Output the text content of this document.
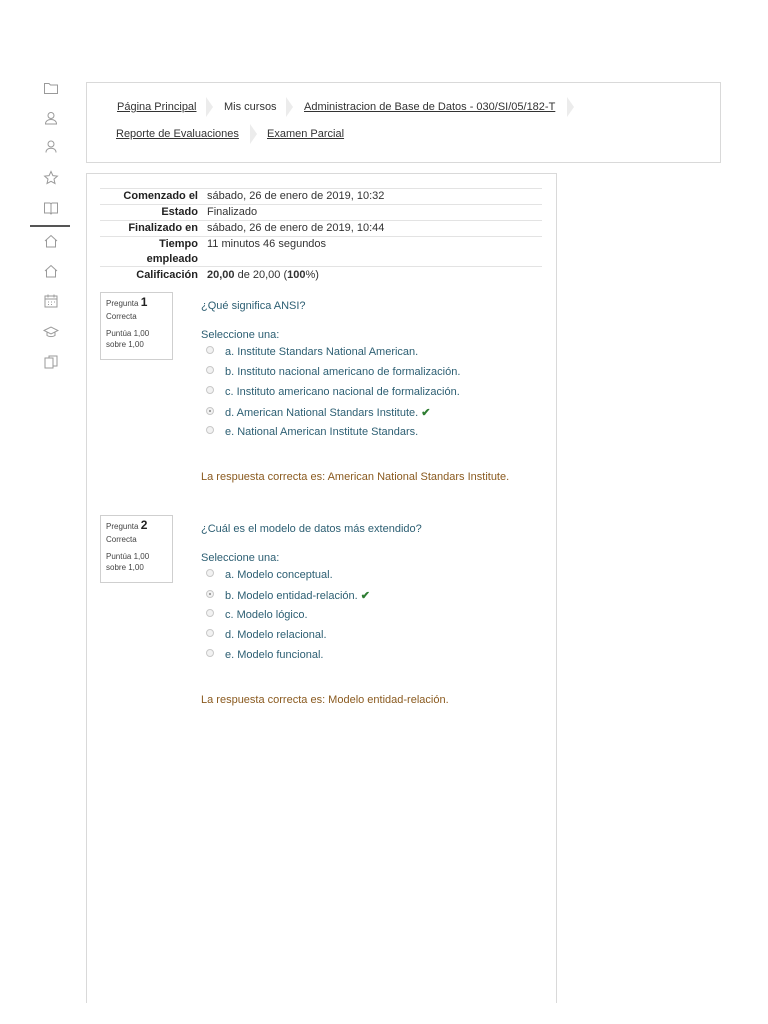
Página Principal	Mis cursos Administracion de Base de Datos - 030/SI/05/182-T
Reporte de Evaluaciones	Examen Parcial
Comenzado el sábado, 26 de enero de 2019, 10:32
Estado Finalizado
Finalizado en sábado, 26 de enero de 2019, 10:44
Tiempo
empleado
11 minutos 46 segundos
Calificación 20,00 de 20,00 (100%)
Pregunta 1
Correcta
Puntúa 1,00
sobre 1,00
¿Qué significa ANSI?
Seleccione una:
a. Institute Standars National American.
b. Instituto nacional americano de formalización.
c. Instituto americano nacional de formalización.
d. American National Standars Institute. ✔
e. National American Institute Standars.
La respuesta correcta es: American National Standars Institute.
Pregunta 2
Correcta
Puntúa 1,00
sobre 1,00
¿Cuál es el modelo de datos más extendido?
Seleccione una:
a. Modelo conceptual.
b. Modelo entidad-relación. ✔
c. Modelo lógico.
d. Modelo relacional.
e. Modelo funcional.
La respuesta correcta es: Modelo entidad-relación.
